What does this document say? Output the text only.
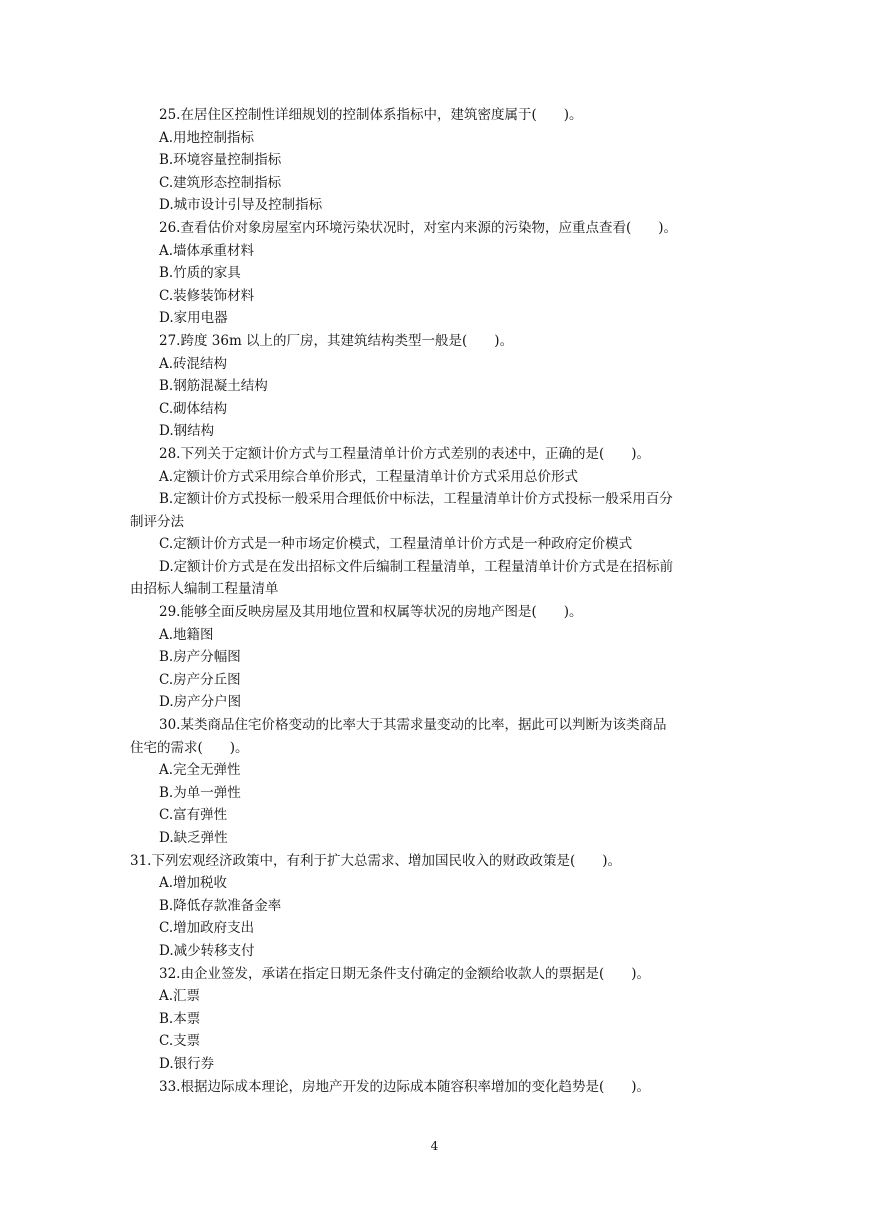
25.在居住区控制性详细规划的控制体系指标中，建筑密度属于(　　)。
A.用地控制指标
B.环境容量控制指标
C.建筑形态控制指标
D.城市设计引导及控制指标
26.查看估价对象房屋室内环境污染状况时，对室内来源的污染物，应重点查看(　　)。
A.墙体承重材料
B.竹质的家具
C.装修装饰材料
D.家用电器
27.跨度 36m 以上的厂房，其建筑结构类型一般是(　　)。
A.砖混结构
B.钢筋混凝土结构
C.砌体结构
D.钢结构
28.下列关于定额计价方式与工程量清单计价方式差别的表述中，正确的是(　　)。
A.定额计价方式采用综合单价形式，工程量清单计价方式采用总价形式
B.定额计价方式投标一般采用合理低价中标法，工程量清单计价方式投标一般采用百分
制评分法
C.定额计价方式是一种市场定价模式，工程量清单计价方式是一种政府定价模式
D.定额计价方式是在发出招标文件后编制工程量清单，工程量清单计价方式是在招标前
由招标人编制工程量清单
29.能够全面反映房屋及其用地位置和权属等状况的房地产图是(　　)。
A.地籍图
B.房产分幅图
C.房产分丘图
D.房产分户图
30.某类商品住宅价格变动的比率大于其需求量变动的比率，据此可以判断为该类商品
住宅的需求(　　)。
A.完全无弹性
B.为单一弹性
C.富有弹性
D.缺乏弹性
31.下列宏观经济政策中，有利于扩大总需求、增加国民收入的财政政策是(　　)。
A.增加税收
B.降低存款准备金率
C.增加政府支出
D.减少转移支付
32.由企业签发，承诺在指定日期无条件支付确定的金额给收款人的票据是(　　)。
A.汇票
B.本票
C.支票
D.银行券
33.根据边际成本理论，房地产开发的边际成本随容积率增加的变化趋势是(　　)。
4
